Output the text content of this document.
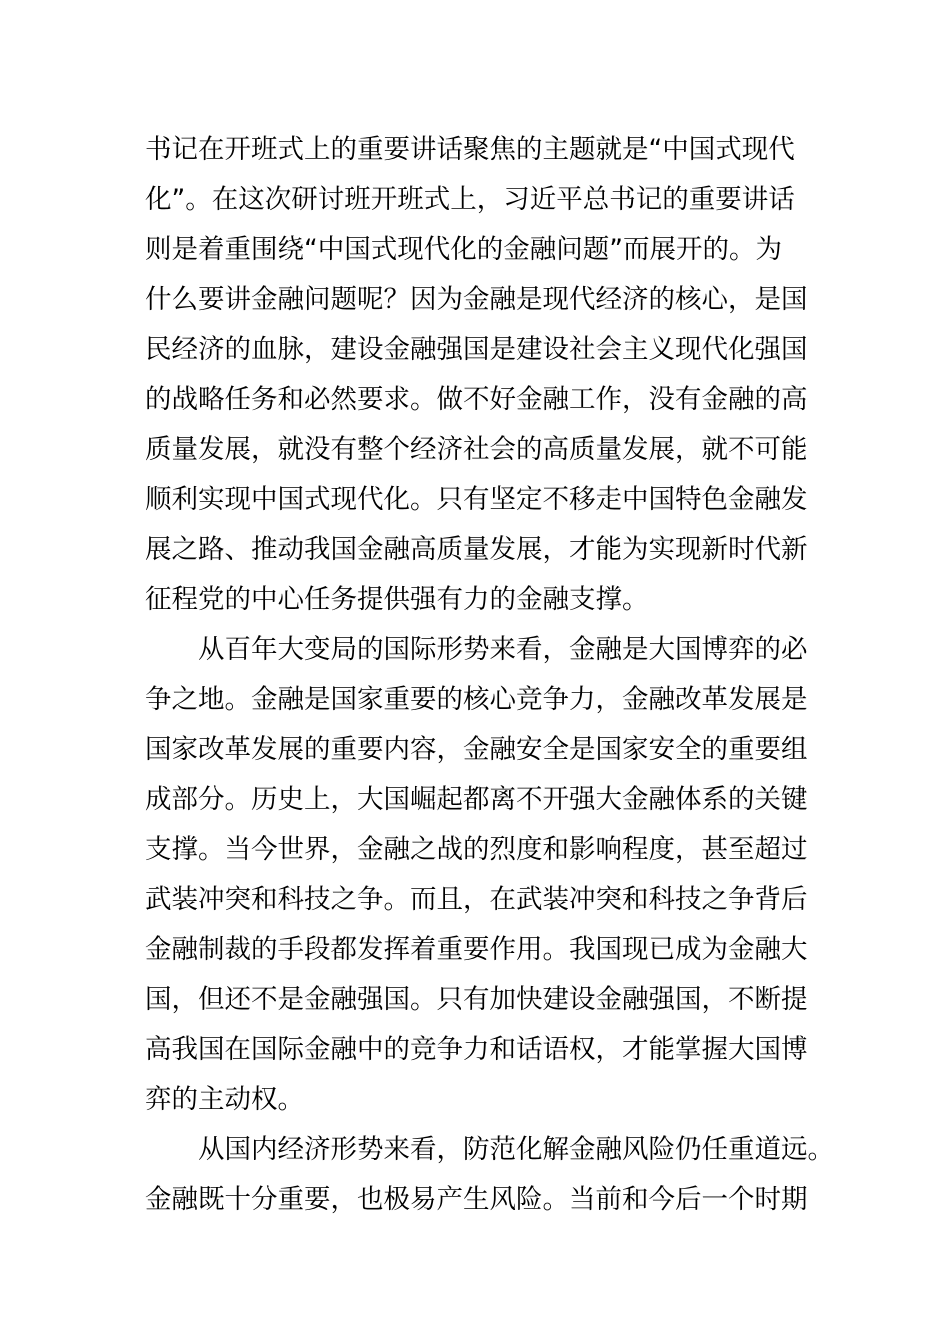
书记在开班式上的重要讲话聚焦的主题就是“中国式现代
化”。在这次研讨班开班式上，习近平总书记的重要讲话
则是着重围绕“中国式现代化的金融问题”而展开的。为
什么要讲金融问题呢？因为金融是现代经济的核心，是国
民经济的血脉，建设金融强国是建设社会主义现代化强国
的战略任务和必然要求。做不好金融工作，没有金融的高
质量发展，就没有整个经济社会的高质量发展，就不可能
顺利实现中国式现代化。只有坚定不移走中国特色金融发
展之路、推动我国金融高质量发展，才能为实现新时代新
征程党的中心任务提供强有力的金融支撑。
从百年大变局的国际形势来看，金融是大国博弈的必
争之地。金融是国家重要的核心竞争力，金融改革发展是
国家改革发展的重要内容，金融安全是国家安全的重要组
成部分。历史上，大国崛起都离不开强大金融体系的关键
支撑。当今世界，金融之战的烈度和影响程度，甚至超过
武装冲突和科技之争。而且，在武装冲突和科技之争背后
金融制裁的手段都发挥着重要作用。我国现已成为金融大
国，但还不是金融强国。只有加快建设金融强国，不断提
高我国在国际金融中的竞争力和话语权，才能掌握大国博
弈的主动权。
从国内经济形势来看，防范化解金融风险仍任重道远。
金融既十分重要，也极易产生风险。当前和今后一个时期
